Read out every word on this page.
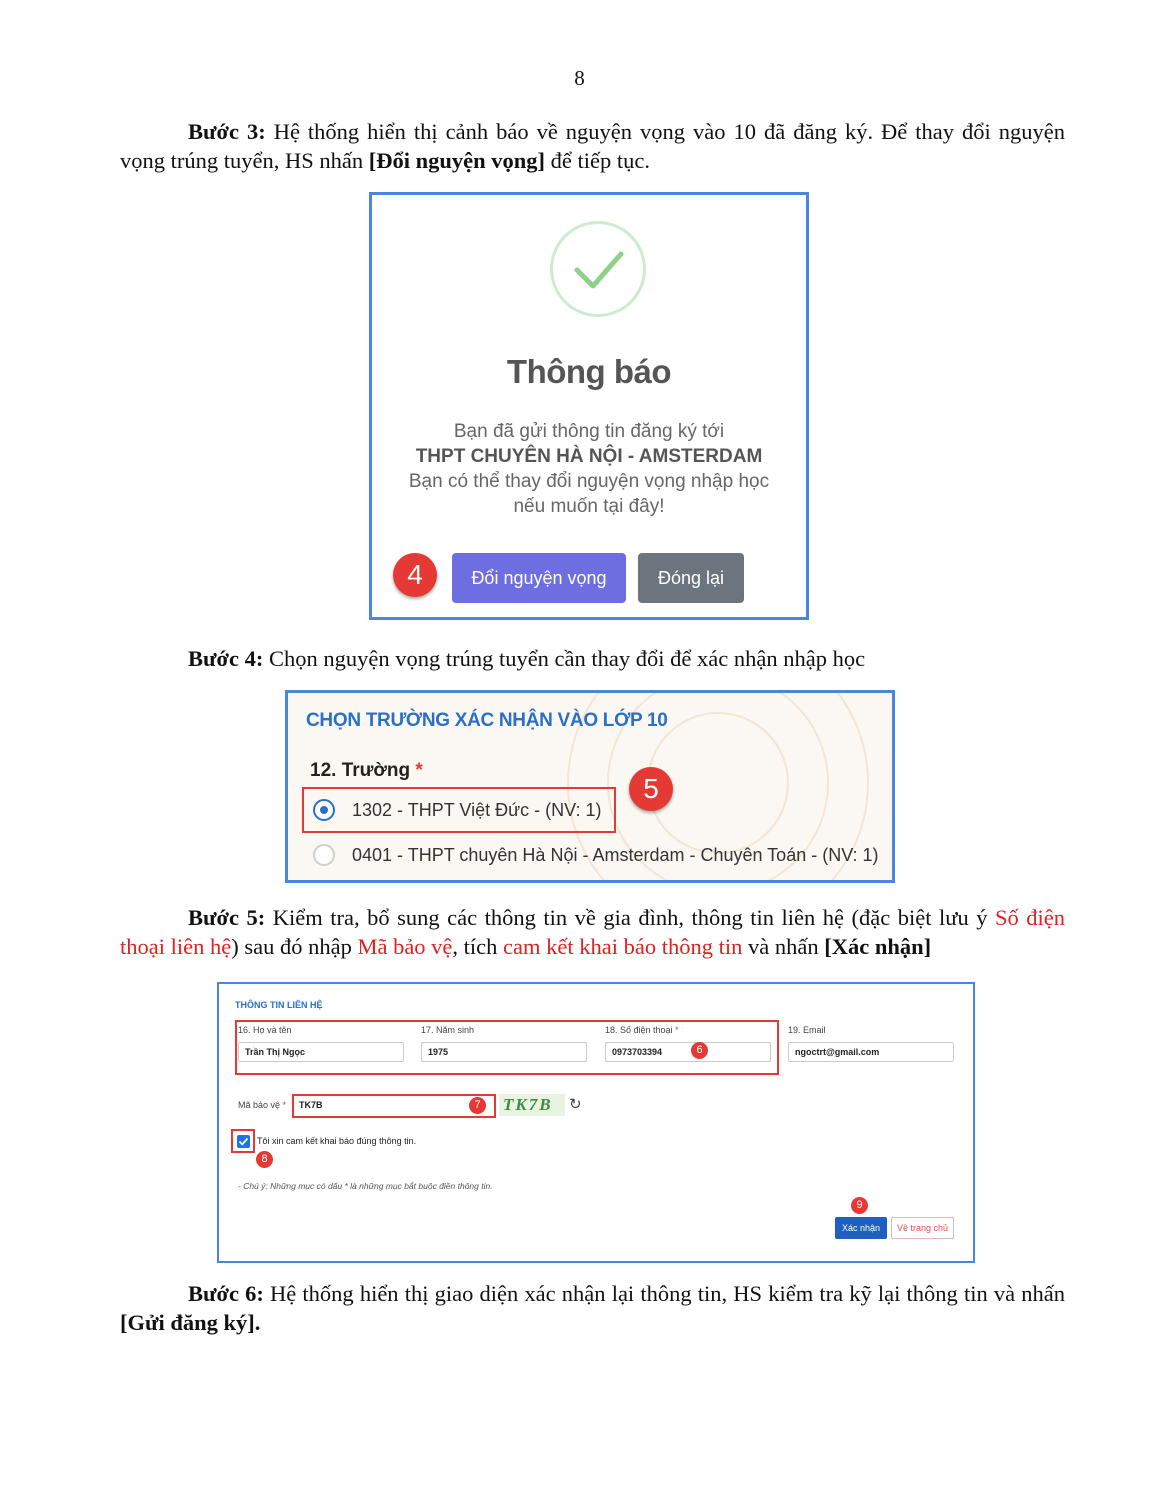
8
Bước 3: Hệ thống hiển thị cảnh báo về nguyện vọng vào 10 đã đăng ký. Để thay đổi nguyện vọng trúng tuyển, HS nhấn [Đổi nguyện vọng] để tiếp tục.
Thông báo
Bạn đã gửi thông tin đăng ký tới
THPT CHUYÊN HÀ NỘI - AMSTERDAM
Bạn có thể thay đổi nguyện vọng nhập học
nếu muốn tại đây!
4	Đổi nguyện vọng	Đóng lại
Bước 4: Chọn nguyện vọng trúng tuyển cần thay đổi để xác nhận nhập học
CHỌN TRƯỜNG XÁC NHẬN VÀO LỚP 10
12. Trường *
1302 - THPT Việt Đức - (NV: 1)
5
0401 - THPT chuyên Hà Nội - Amsterdam - Chuyên Toán - (NV: 1)
Bước 5: Kiểm tra, bổ sung các thông tin về gia đình, thông tin liên hệ (đặc biệt lưu ý Số điện thoại liên hệ) sau đó nhập Mã bảo vệ, tích cam kết khai báo thông tin và nhấn [Xác nhận]
THÔNG TIN LIÊN HỆ
16. Họ và tên
Trần Thị Ngọc
17. Năm sinh
1975
18. Số điện thoại *
0973703394	6
19. Email
ngoctrt@gmail.com
Mã bảo vệ *	TK7B	7	TK7B	↻
Tôi xin cam kết khai báo đúng thông tin.
8
- Chú ý: Những mục có dấu * là những mục bắt buộc điền thông tin.
9
Xác nhận	Về trang chủ
Bước 6: Hệ thống hiển thị giao diện xác nhận lại thông tin, HS kiểm tra kỹ lại thông tin và nhấn [Gửi đăng ký].
